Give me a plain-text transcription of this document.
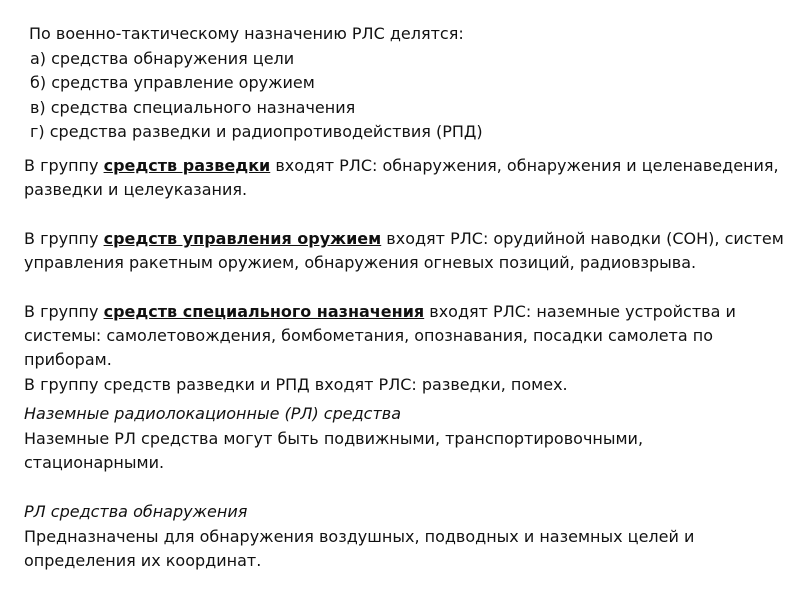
По военно-тактическому назначению РЛС делятся:
а) средства обнаружения цели
б) средства управление оружием
в) средства специального назначения
г) средства разведки и радиопротиводействия (РПД)
В группу средств разведки входят РЛС: обнаружения, обнаружения и целенаведения,
разведки и целеуказания.
В группу средств управления оружием входят РЛС: орудийной наводки (СОН), систем
управления ракетным оружием, обнаружения огневых позиций, радиовзрыва.
В группу средств специального назначения входят РЛС: наземные устройства и
системы: самолетовождения, бомбометания, опознавания, посадки самолета по
приборам.
В группу средств разведки и РПД входят РЛС: разведки, помех.
Наземные радиолокационные (РЛ) средства
Наземные РЛ средства могут быть подвижными, транспортировочными,
стационарными.
РЛ средства обнаружения
Предназначены для обнаружения воздушных, подводных и наземных целей и
определения их координат.
